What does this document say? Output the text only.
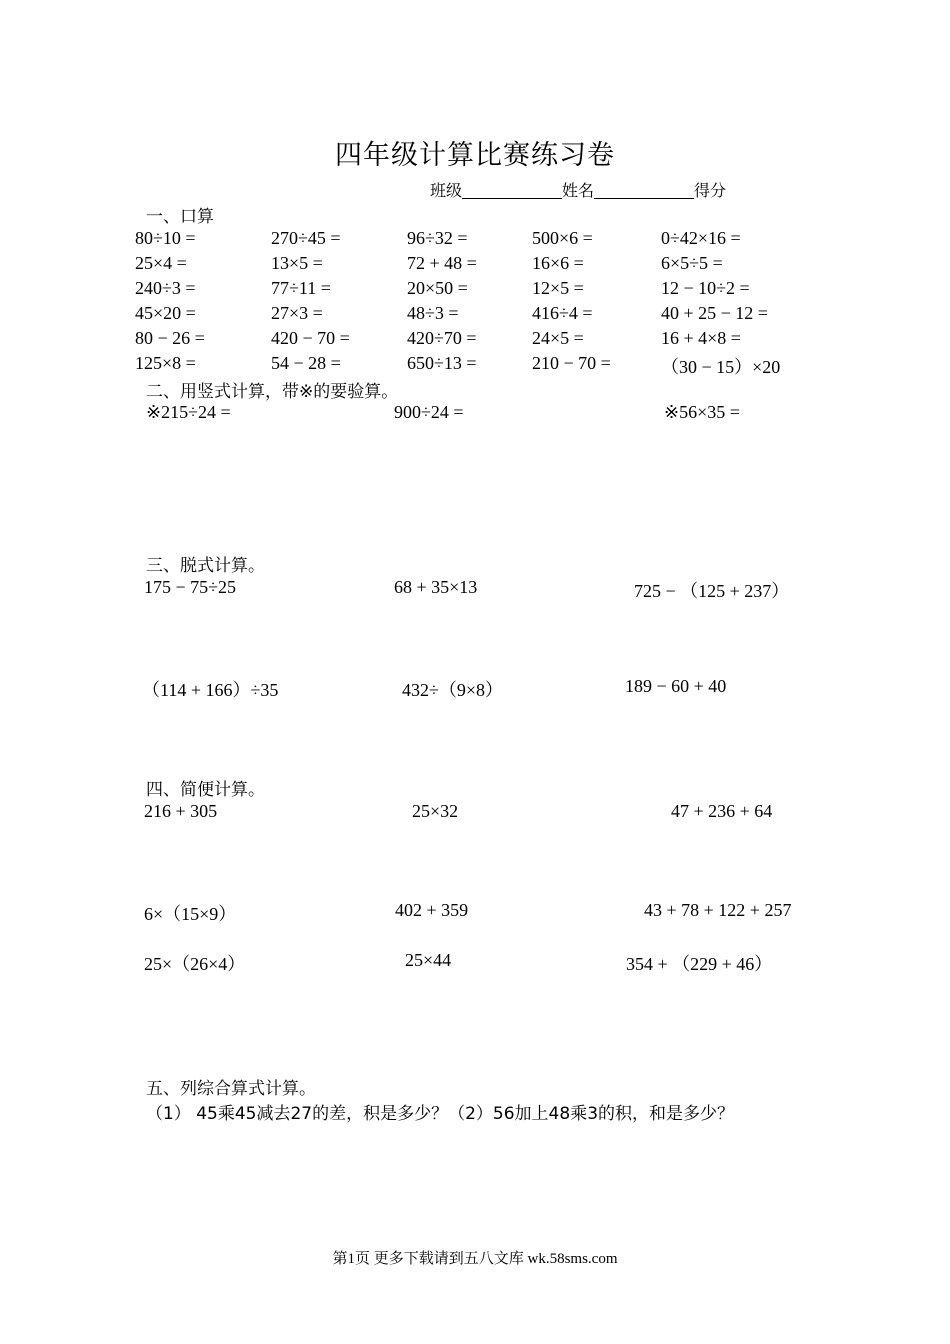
四年级计算比赛练习卷
班级	姓名	得分
一、口算
80÷10 =	270÷45 =	96÷32 =	500×6 =	0÷42×16 =
25×4 =	13×5 =	72 + 48 =	16×6 =	6×5÷5 =
240÷3 =	77÷11 =	20×50 =	12×5 =	12 − 10÷2 =
45×20 =	27×3 =	48÷3 =	416÷4 =	40 + 25 − 12 =
80 − 26 =	420 − 70 =	420÷70 =	24×5 =	16 + 4×8 =
125×8 =	54 − 28 =	650÷13 =	210 − 70 =	（30 − 15）×20
二、用竖式计算，带※的要验算。
※215÷24 =	900÷24 =	※56×35 =
三、脱式计算。
175 − 75÷25	68 + 35×13	725 − （125 + 237）
（114 + 166）÷35	432÷（9×8）	189 − 60 + 40
四、简便计算。
216 + 305	25×32	47 + 236 + 64
6×（15×9）	402 + 359	43 + 78 + 122 + 257
25×（26×4）	25×44	354 + （229 + 46）
五、列综合算式计算。
（1） 45乘45减去27的差，积是多少？（2）56加上48乘3的积，和是多少？
第1页 更多下载请到五八文库 wk.58sms.com
